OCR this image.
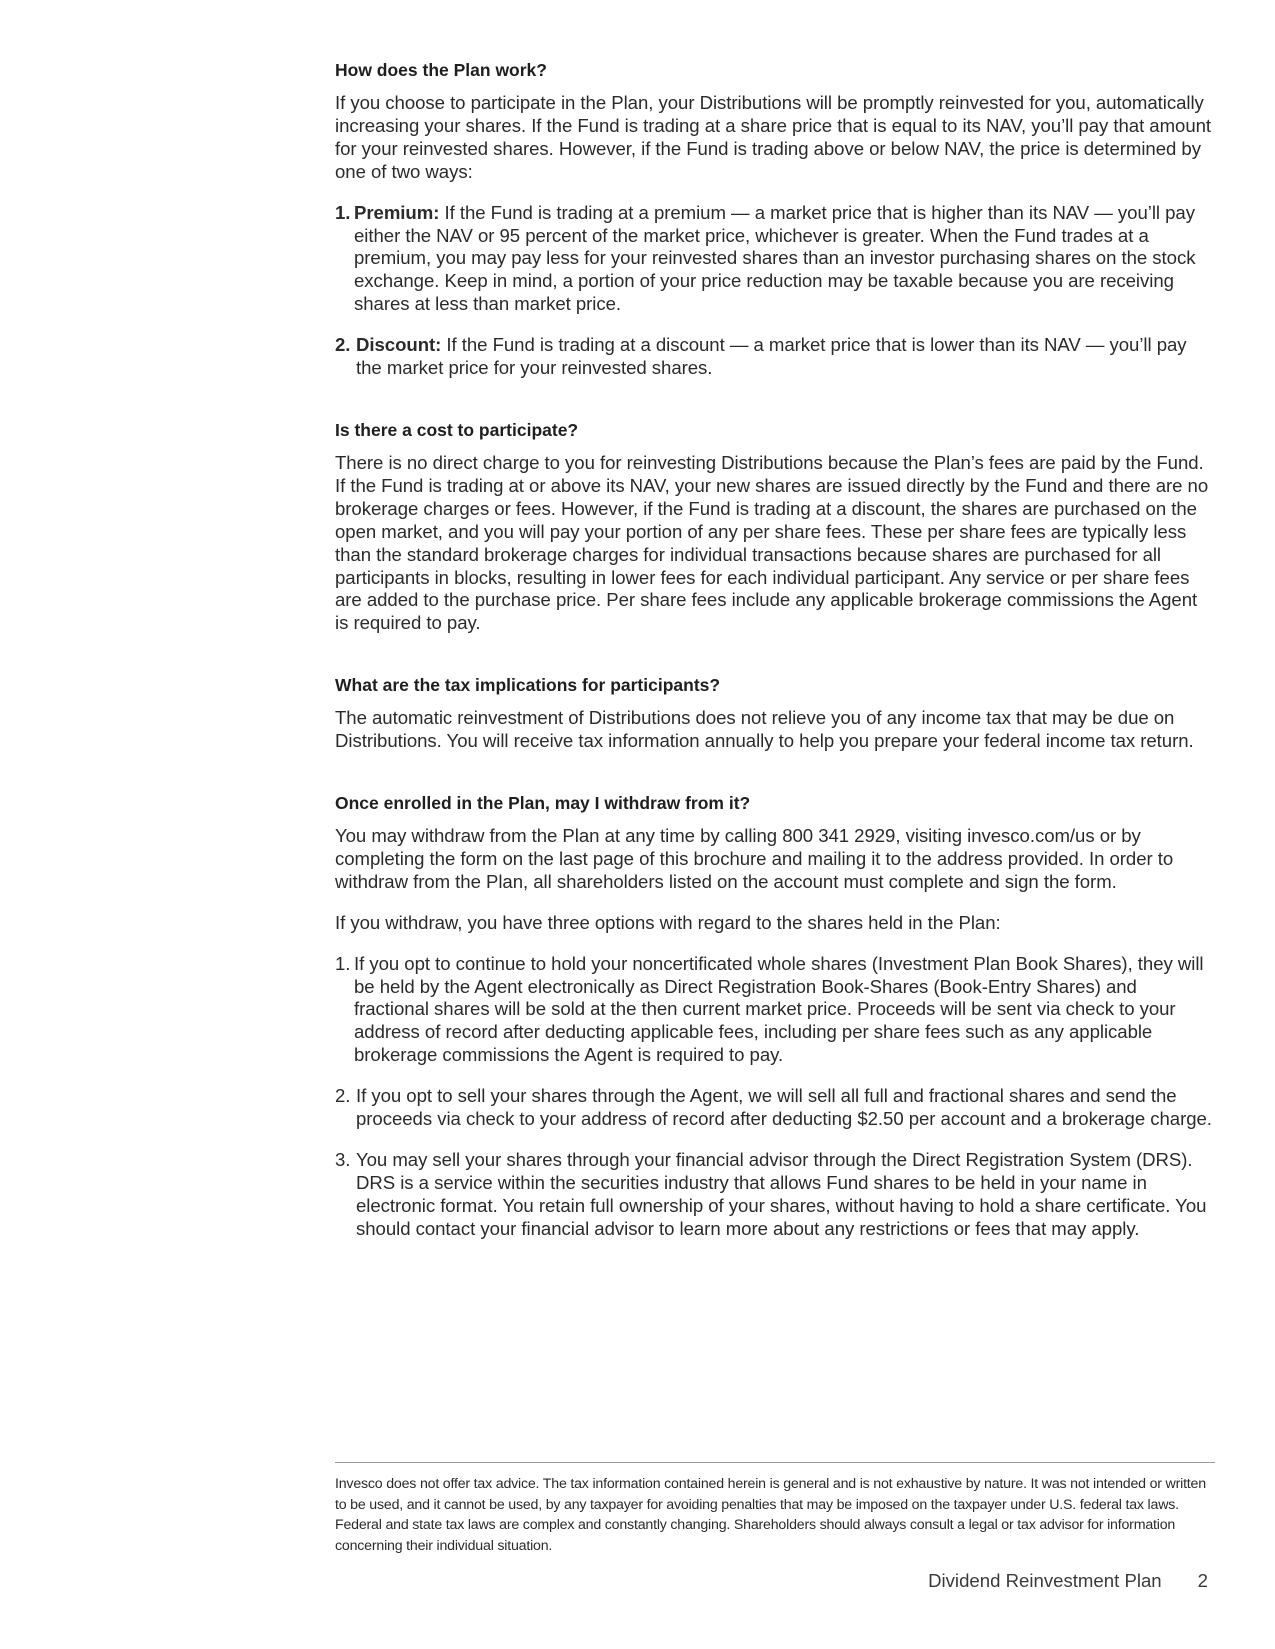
How does the Plan work?

If you choose to participate in the Plan, your Distributions will be promptly reinvested for you, automatically increasing your shares. If the Fund is trading at a share price that is equal to its NAV, you’ll pay that amount for your reinvested shares. However, if the Fund is trading above or below NAV, the price is determined by one of two ways:

1. Premium: If the Fund is trading at a premium — a market price that is higher than its NAV — you’ll pay either the NAV or 95 percent of the market price, whichever is greater. When the Fund trades at a premium, you may pay less for your reinvested shares than an investor purchasing shares on the stock exchange. Keep in mind, a portion of your price reduction may be taxable because you are receiving shares at less than market price.
2. Discount: If the Fund is trading at a discount — a market price that is lower than its NAV — you’ll pay the market price for your reinvested shares.
Is there a cost to participate?

There is no direct charge to you for reinvesting Distributions because the Plan’s fees are paid by the Fund. If the Fund is trading at or above its NAV, your new shares are issued directly by the Fund and there are no brokerage charges or fees. However, if the Fund is trading at a discount, the shares are purchased on the open market, and you will pay your portion of any per share fees. These per share fees are typically less than the standard brokerage charges for individual transactions because shares are purchased for all participants in blocks, resulting in lower fees for each individual participant. Any service or per share fees are added to the purchase price. Per share fees include any applicable brokerage commissions the Agent is required to pay.

What are the tax implications for participants?

The automatic reinvestment of Distributions does not relieve you of any income tax that may be due on Distributions. You will receive tax information annually to help you prepare your federal income tax return.

Once enrolled in the Plan, may I withdraw from it?

You may withdraw from the Plan at any time by calling 800 341 2929, visiting invesco.com/us or by completing the form on the last page of this brochure and mailing it to the address provided. In order to withdraw from the Plan, all shareholders listed on the account must complete and sign the form.

If you withdraw, you have three options with regard to the shares held in the Plan:

1. If you opt to continue to hold your noncertificated whole shares (Investment Plan Book Shares), they will be held by the Agent electronically as Direct Registration Book-Shares (Book-Entry Shares) and fractional shares will be sold at the then current market price. Proceeds will be sent via check to your address of record after deducting applicable fees, including per share fees such as any applicable brokerage commissions the Agent is required to pay.
2. If you opt to sell your shares through the Agent, we will sell all full and fractional shares and send the proceeds via check to your address of record after deducting $2.50 per account and a brokerage charge.
3. You may sell your shares through your financial advisor through the Direct Registration System (DRS). DRS is a service within the securities industry that allows Fund shares to be held in your name in electronic format. You retain full ownership of your shares, without having to hold a share certificate. You should contact your financial advisor to learn more about any restrictions or fees that may apply.

Invesco does not offer tax advice. The tax information contained herein is general and is not exhaustive by nature. It was not intended or written to be used, and it cannot be used, by any taxpayer for avoiding penalties that may be imposed on the taxpayer under U.S. federal tax laws. Federal and state tax laws are complex and constantly changing. Shareholders should always consult a legal or tax advisor for information concerning their individual situation.

Dividend Reinvestment Plan 2
